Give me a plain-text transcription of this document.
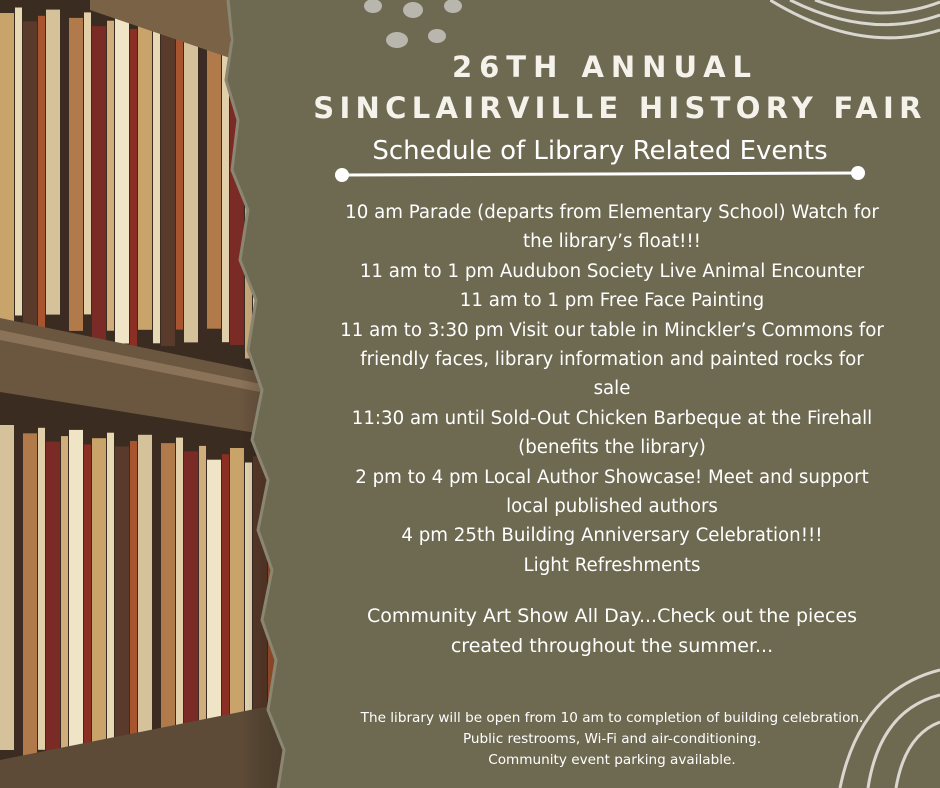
26TH ANNUAL
SINCLAIRVILLE HISTORY FAIR
Schedule of Library Related Events
10 am Parade (departs from Elementary School) Watch for
the library’s float!!!
11 am to 1 pm Audubon Society Live Animal Encounter
11 am to 1 pm Free Face Painting
11 am to 3:30 pm Visit our table in Minckler’s Commons for
friendly faces, library information and painted rocks for
sale
11:30 am until Sold-Out Chicken Barbeque at the Firehall
(benefits the library)
2 pm to 4 pm Local Author Showcase! Meet and support
local published authors
4 pm 25th Building Anniversary Celebration!!!
Light Refreshments
Community Art Show All Day...Check out the pieces
created throughout the summer...
The library will be open from 10 am to completion of building celebration.
Public restrooms, Wi-Fi and air-conditioning.
Community event parking available.
